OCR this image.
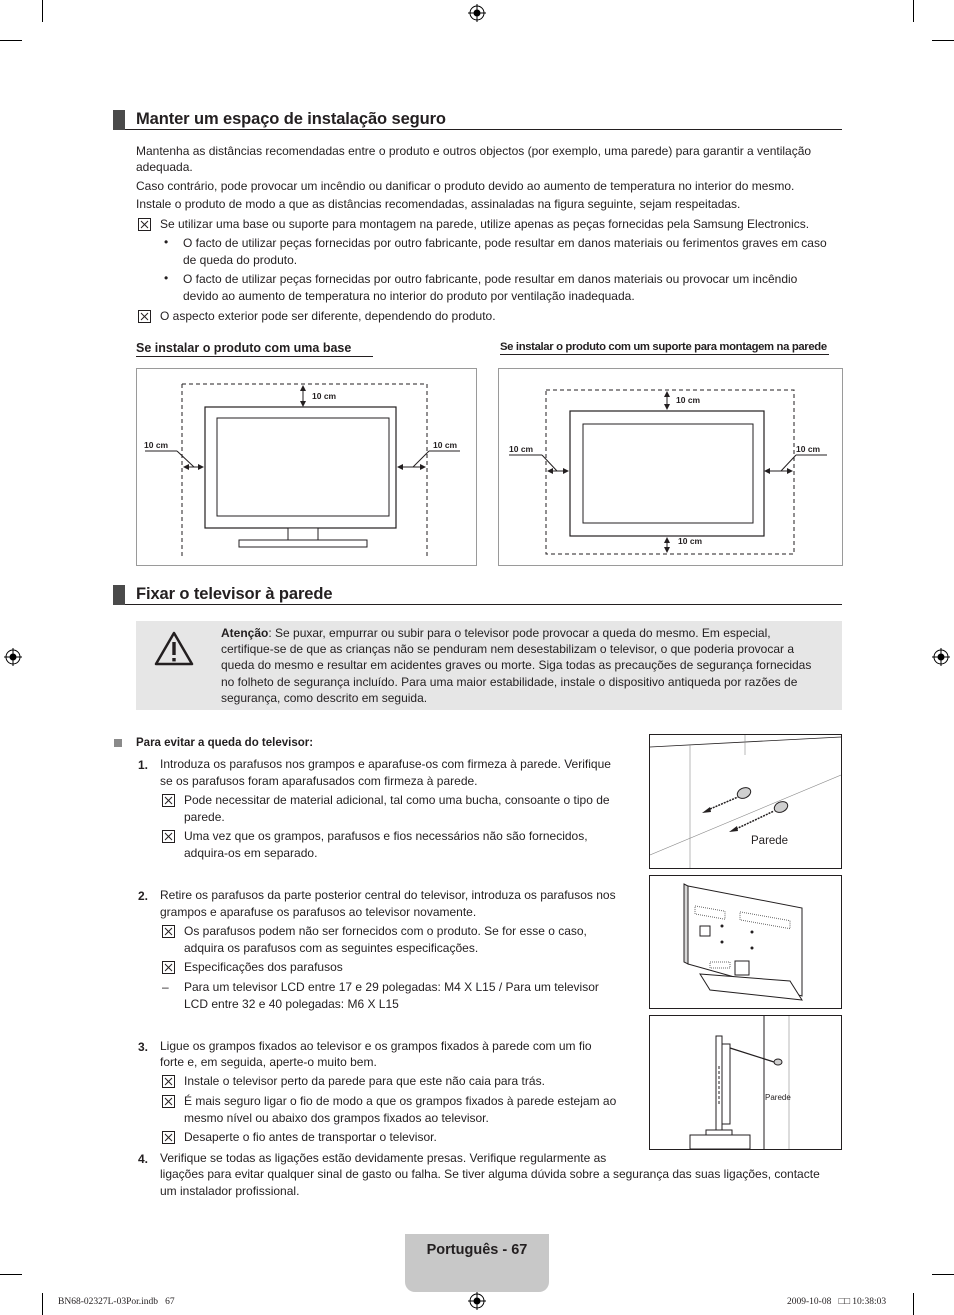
Manter um espaço de instalação seguro
Mantenha as distâncias recomendadas entre o produto e outros objectos (por exemplo, uma parede) para garantir a ventilação
adequada.
Caso contrário, pode provocar um incêndio ou danificar o produto devido ao aumento de temperatura no interior do mesmo.
Instale o produto de modo a que as distâncias recomendadas, assinaladas na figura seguinte, sejam respeitadas.
Se utilizar uma base ou suporte para montagem na parede, utilize apenas as peças fornecidas pela Samsung Electronics.
• O facto de utilizar peças fornecidas por outro fabricante, pode resultar em danos materiais ou ferimentos graves em caso
de queda do produto.
• O facto de utilizar peças fornecidas por outro fabricante, pode resultar em danos materiais ou provocar um incêndio
devido ao aumento de temperatura no interior do produto por ventilação inadequada.
O aspecto exterior pode ser diferente, dependendo do produto.
Se instalar o produto com uma base	Se instalar o produto com um suporte para montagem na parede
10 cm
10 cm	10 cm
10 cm
10 cm	10 cm
10 cm
Fixar o televisor à parede
Atenção: Se puxar, empurrar ou subir para o televisor pode provocar a queda do mesmo. Em especial,
certifique-se de que as crianças não se penduram nem desestabilizam o televisor, o que poderia provocar a
queda do mesmo e resultar em acidentes graves ou morte. Siga todas as precauções de segurança fornecidas
no folheto de segurança incluído. Para uma maior estabilidade, instale o dispositivo antiqueda por razões de
segurança, como descrito em seguida.
Para evitar a queda do televisor:
1. Introduza os parafusos nos grampos e aparafuse-os com firmeza à parede. Verifique
se os parafusos foram aparafusados com firmeza à parede.
Pode necessitar de material adicional, tal como uma bucha, consoante o tipo de
parede.
Uma vez que os grampos, parafusos e fios necessários não são fornecidos,
adquira-os em separado.
2. Retire os parafusos da parte posterior central do televisor, introduza os parafusos nos
grampos e aparafuse os parafusos ao televisor novamente.
Os parafusos podem não ser fornecidos com o produto. Se for esse o caso,
adquira os parafusos com as seguintes especificações.
Especificações dos parafusos
– Para um televisor LCD entre 17 e 29 polegadas: M4 X L15 / Para um televisor
LCD entre 32 e 40 polegadas: M6 X L15
3. Ligue os grampos fixados ao televisor e os grampos fixados à parede com um fio
forte e, em seguida, aperte-o muito bem.
Instale o televisor perto da parede para que este não caia para trás.
É mais seguro ligar o fio de modo a que os grampos fixados à parede estejam ao
mesmo nível ou abaixo dos grampos fixados ao televisor.
Desaperte o fio antes de transportar o televisor.
4. Verifique se todas as ligações estão devidamente presas. Verifique regularmente as
ligações para evitar qualquer sinal de gasto ou falha. Se tiver alguma dúvida sobre a segurança das suas ligações, contacte
um instalador profissional.
Parede
Parede
Português - 67
BN68-02327L-03Por.indb   67	2009-10-08   □□ 10:38:03
